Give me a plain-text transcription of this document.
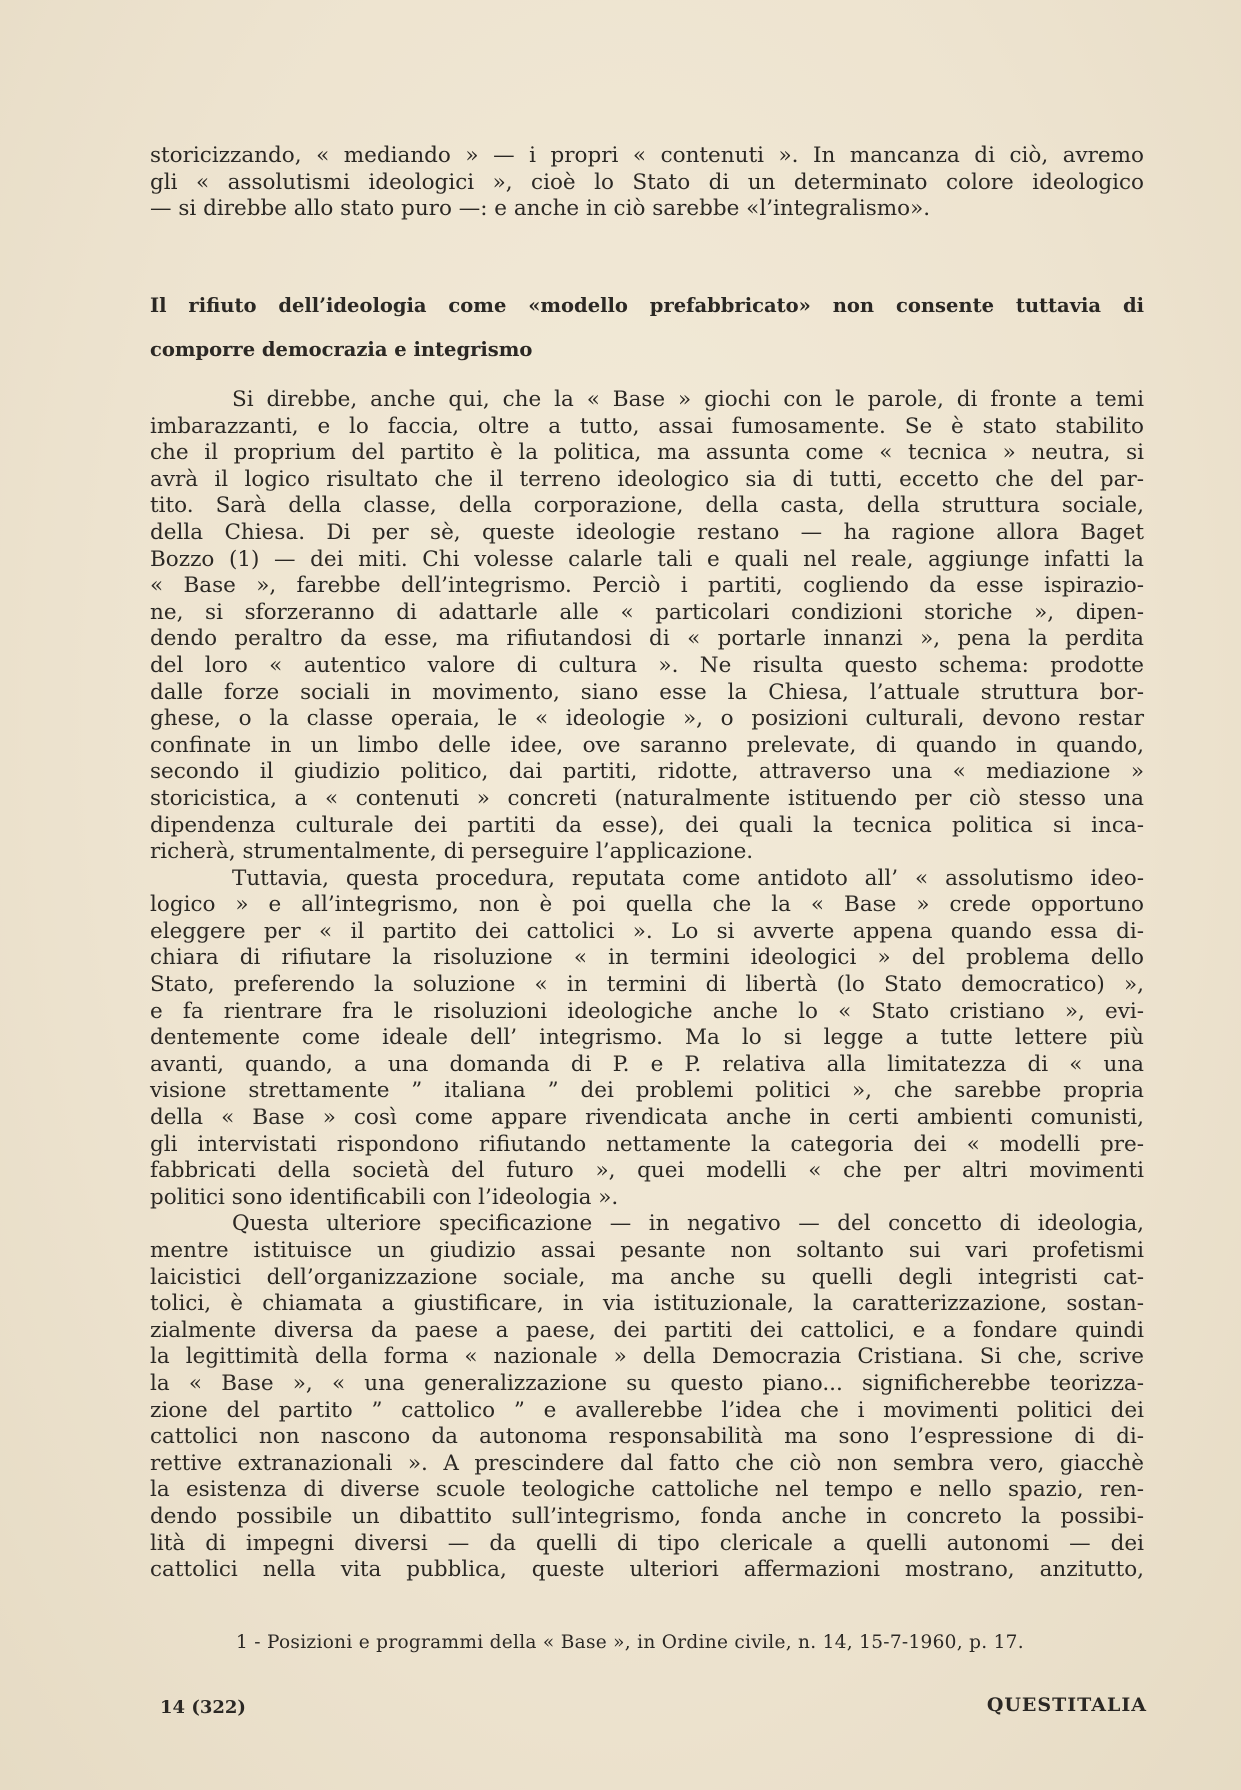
storicizzando, « mediando » — i propri « contenuti ». In mancanza di ciò, avremo
gli « assolutismi ideologici », cioè lo Stato di un determinato colore ideologico
— si direbbe allo stato puro —: e anche in ciò sarebbe «l’integralismo».
Il rifiuto dell’ideologia come «modello prefabbricato» non consente tuttavia di
comporre democrazia e integrismo
Si direbbe, anche qui, che la « Base » giochi con le parole, di fronte a temi
imbarazzanti, e lo faccia, oltre a tutto, assai fumosamente. Se è stato stabilito
che il proprium del partito è la politica, ma assunta come « tecnica » neutra, si
avrà il logico risultato che il terreno ideologico sia di tutti, eccetto che del par-
tito. Sarà della classe, della corporazione, della casta, della struttura sociale,
della Chiesa. Di per sè, queste ideologie restano — ha ragione allora Baget
Bozzo (1) — dei miti. Chi volesse calarle tali e quali nel reale, aggiunge infatti la
« Base », farebbe dell’integrismo. Perciò i partiti, cogliendo da esse ispirazio-
ne, si sforzeranno di adattarle alle « particolari condizioni storiche », dipen-
dendo peraltro da esse, ma rifiutandosi di « portarle innanzi », pena la perdita
del loro « autentico valore di cultura ». Ne risulta questo schema: prodotte
dalle forze sociali in movimento, siano esse la Chiesa, l’attuale struttura bor-
ghese, o la classe operaia, le « ideologie », o posizioni culturali, devono restar
confinate in un limbo delle idee, ove saranno prelevate, di quando in quando,
secondo il giudizio politico, dai partiti, ridotte, attraverso una « mediazione »
storicistica, a « contenuti » concreti (naturalmente istituendo per ciò stesso una
dipendenza culturale dei partiti da esse), dei quali la tecnica politica si inca-
richerà, strumentalmente, di perseguire l’applicazione.
Tuttavia, questa procedura, reputata come antidoto all’ « assolutismo ideo-
logico » e all’integrismo, non è poi quella che la « Base » crede opportuno
eleggere per « il partito dei cattolici ». Lo si avverte appena quando essa di-
chiara di rifiutare la risoluzione « in termini ideologici » del problema dello
Stato, preferendo la soluzione « in termini di libertà (lo Stato democratico) »,
e fa rientrare fra le risoluzioni ideologiche anche lo « Stato cristiano », evi-
dentemente come ideale dell’ integrismo. Ma lo si legge a tutte lettere più
avanti, quando, a una domanda di P. e P. relativa alla limitatezza di « una
visione strettamente ” italiana ” dei problemi politici », che sarebbe propria
della « Base » così come appare rivendicata anche in certi ambienti comunisti,
gli intervistati rispondono rifiutando nettamente la categoria dei « modelli pre-
fabbricati della società del futuro », quei modelli « che per altri movimenti
politici sono identificabili con l’ideologia ».
Questa ulteriore specificazione — in negativo — del concetto di ideologia,
mentre istituisce un giudizio assai pesante non soltanto sui vari profetismi
laicistici dell’organizzazione sociale, ma anche su quelli degli integristi cat-
tolici, è chiamata a giustificare, in via istituzionale, la caratterizzazione, sostan-
zialmente diversa da paese a paese, dei partiti dei cattolici, e a fondare quindi
la legittimità della forma « nazionale » della Democrazia Cristiana. Si che, scrive
la « Base », « una generalizzazione su questo piano... significherebbe teorizza-
zione del partito ” cattolico ” e avallerebbe l’idea che i movimenti politici dei
cattolici non nascono da autonoma responsabilità ma sono l’espressione di di-
rettive extranazionali ». A prescindere dal fatto che ciò non sembra vero, giacchè
la esistenza di diverse scuole teologiche cattoliche nel tempo e nello spazio, ren-
dendo possibile un dibattito sull’integrismo, fonda anche in concreto la possibi-
lità di impegni diversi — da quelli di tipo clericale a quelli autonomi — dei
cattolici nella vita pubblica, queste ulteriori affermazioni mostrano, anzitutto,
1 - Posizioni e programmi della « Base », in Ordine civile, n. 14, 15-7-1960, p. 17.
14 (322)	QUESTITALIA
